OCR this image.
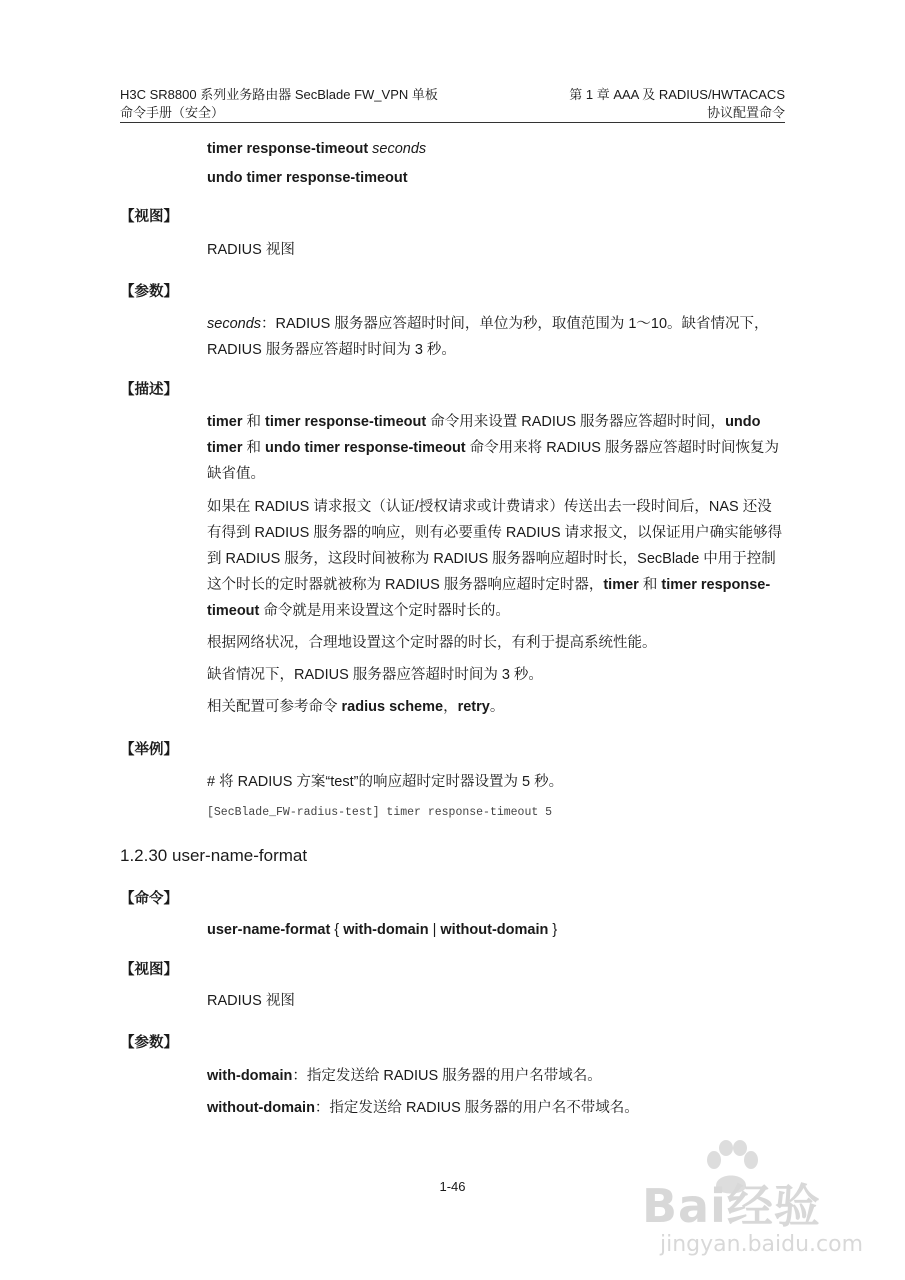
H3C SR8800 系列业务路由器 SecBlade FW_VPN 单板
命令手册（安全）
第 1 章 AAA 及 RADIUS/HWTACACS
协议配置命令
timer response-timeout seconds
undo timer response-timeout
【视图】
RADIUS 视图
【参数】
seconds：RADIUS 服务器应答超时时间，单位为秒，取值范围为 1～10。缺省情况下，RADIUS 服务器应答超时时间为 3 秒。
【描述】
timer 和 timer response-timeout 命令用来设置 RADIUS 服务器应答超时时间，undo timer 和 undo timer response-timeout 命令用来将 RADIUS 服务器应答超时时间恢复为缺省值。
如果在 RADIUS 请求报文（认证/授权请求或计费请求）传送出去一段时间后，NAS 还没有得到 RADIUS 服务器的响应，则有必要重传 RADIUS 请求报文，以保证用户确实能够得到 RADIUS 服务，这段时间被称为 RADIUS 服务器响应超时时长，SecBlade 中用于控制这个时长的定时器就被称为 RADIUS 服务器响应超时定时器，timer 和 timer response-timeout 命令就是用来设置这个定时器时长的。
根据网络状况，合理地设置这个定时器的时长，有利于提高系统性能。
缺省情况下，RADIUS 服务器应答超时时间为 3 秒。
相关配置可参考命令 radius scheme，retry。
【举例】
# 将 RADIUS 方案“test”的响应超时定时器设置为 5 秒。
[SecBlade_FW-radius-test] timer response-timeout 5
1.2.30 user-name-format
【命令】
user-name-format { with-domain | without-domain }
【视图】
RADIUS 视图
【参数】
with-domain：指定发送给 RADIUS 服务器的用户名带域名。
without-domain：指定发送给 RADIUS 服务器的用户名不带域名。
1-46	Bai经验
jingyan.baidu.com
